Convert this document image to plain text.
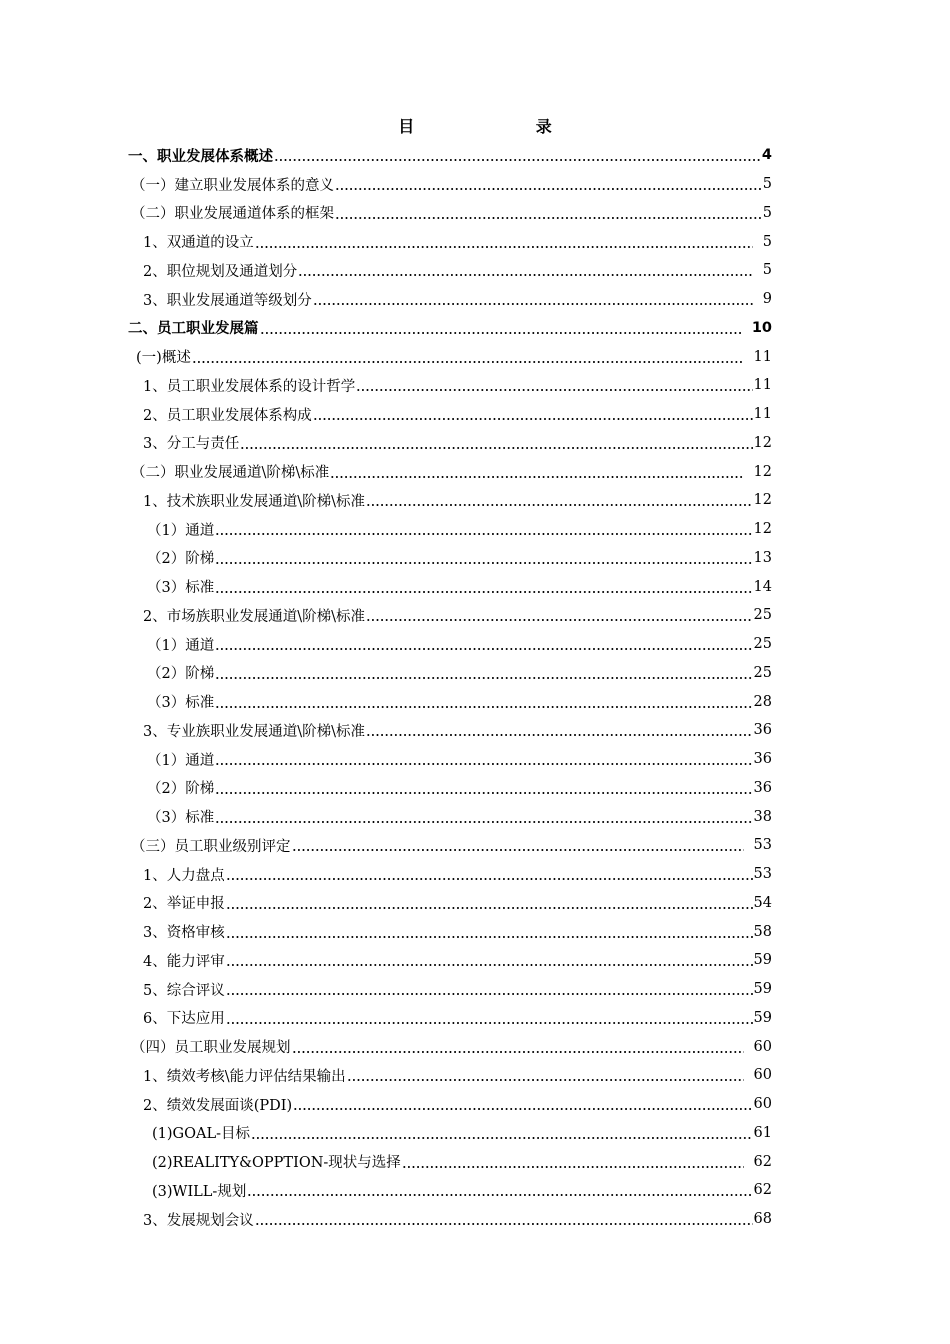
目 录
一、职业发展体系概述	4
（一）建立职业发展体系的意义	5
（二）职业发展通道体系的框架	5
1、双通道的设立	5
2、职位规划及通道划分	5
3、职业发展通道等级划分	9
二、员工职业发展篇	10
(一)概述	11
1、员工职业发展体系的设计哲学	11
2、员工职业发展体系构成	11
3、分工与责任	12
（二）职业发展通道\阶梯\标准	12
1、技术族职业发展通道\阶梯\标准	12
（1）通道	12
（2）阶梯	13
（3）标准	14
2、市场族职业发展通道\阶梯\标准	25
（1）通道	25
（2）阶梯	25
（3）标准	28
3、专业族职业发展通道\阶梯\标准	36
（1）通道	36
（2）阶梯	36
（3）标准	38
（三）员工职业级别评定	53
1、人力盘点	53
2、举证申报	54
3、资格审核	58
4、能力评审	59
5、综合评议	59
6、下达应用	59
（四）员工职业发展规划	60
1、绩效考核\能力评估结果输出	60
2、绩效发展面谈(PDI)	60
(1)GOAL-目标	61
(2)REALITY&OPPTION-现状与选择	62
(3)WILL-规划	62
3、发展规划会议	68
